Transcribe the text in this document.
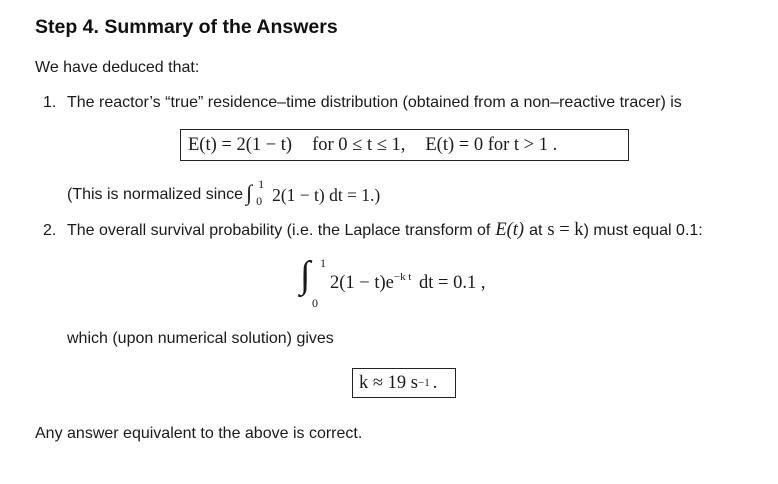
Step 4. Summary of the Answers
We have deduced that:
1. The reactor’s “true” residence–time distribution (obtained from a non–reactive tracer) is
E(t) = 2(1 − t) for 0 ≤ t ≤ 1, E(t) = 0 for t > 1 .
(This is normalized since ∫ 1
0 2(1 − t) dt = 1.)
2. The overall survival probability (i.e. the Laplace transform of E(t) at s = k ) must equal 0.1:
∫ 1
0
$2(1 - t)e^{-k t}$ dt = 0.1 ,
which (upon numerical solution) gives
k ≈ 19 s −1 .
Any answer equivalent to the above is correct.
